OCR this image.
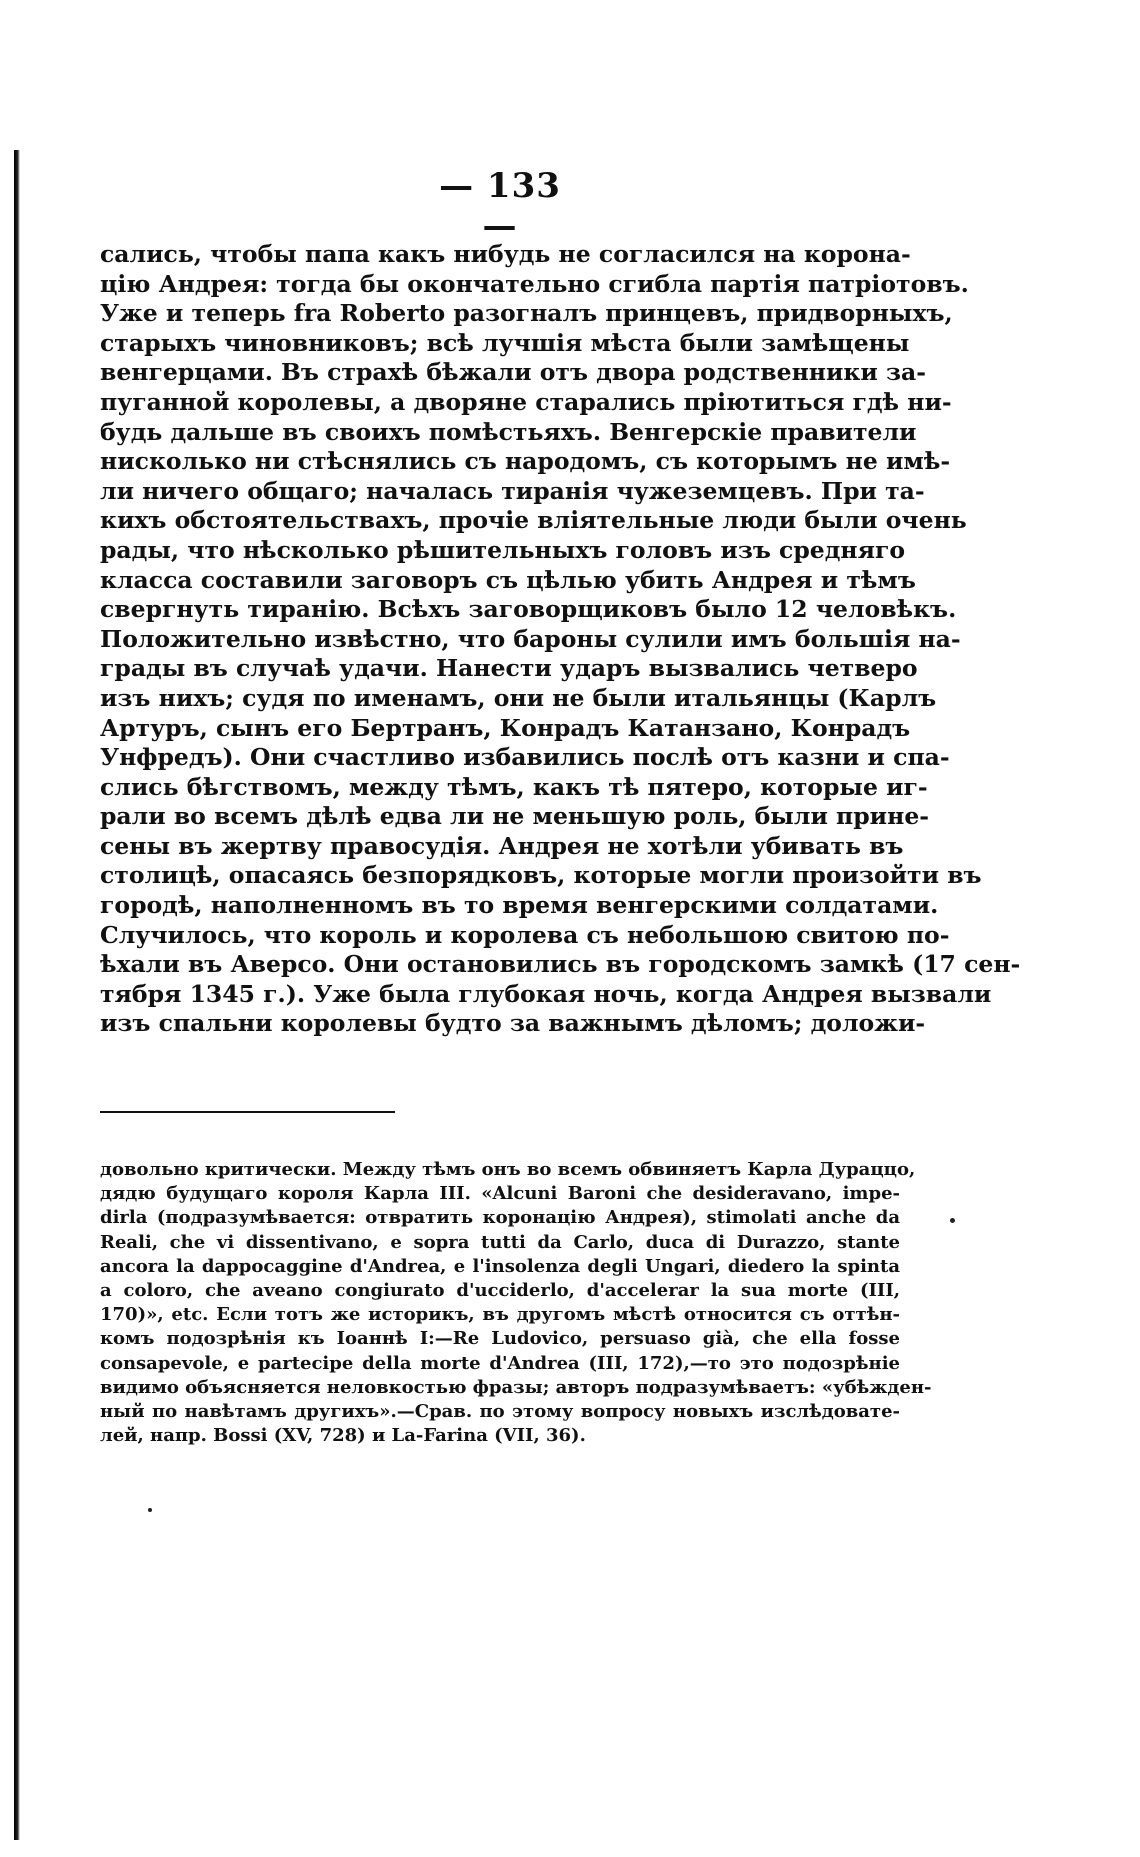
— 133 —
сались, чтобы папа какъ нибудь не согласился на корона-
цію Андрея: тогда бы окончательно сгибла партія патріотовъ.
Уже и теперь fra Roberto разогналъ принцевъ, придворныхъ,
старыхъ чиновниковъ; всѣ лучшія мѣста были замѣщены
венгерцами. Въ страхѣ бѣжали отъ двора родственники за-
пуганной королевы, а дворяне старались пріютиться гдѣ ни-
будь дальше въ своихъ помѣстьяхъ. Венгерскіе правители
нисколько ни стѣснялись съ народомъ, съ которымъ не имѣ-
ли ничего общаго; началась тиранія чужеземцевъ. При та-
кихъ обстоятельствахъ, прочіе вліятельные люди были очень
рады, что нѣсколько рѣшительныхъ головъ изъ средняго
класса составили заговоръ съ цѣлью убить Андрея и тѣмъ
свергнуть тиранію. Всѣхъ заговорщиковъ было 12 человѣкъ.
Положительно извѣстно, что бароны сулили имъ большія на-
грады въ случаѣ удачи. Нанести ударъ вызвались четверо
изъ нихъ; судя по именамъ, они не были итальянцы (Карлъ
Артуръ, сынъ его Бертранъ, Конрадъ Катанзано, Конрадъ
Унфредъ). Они счастливо избавились послѣ отъ казни и спа-
слись бѣгствомъ, между тѣмъ, какъ тѣ пятеро, которые иг-
рали во всемъ дѣлѣ едва ли не меньшую роль, были принe-
сены въ жертву правосудія. Андрея не хотѣли убивать въ
столицѣ, опасаясь безпорядковъ, которые могли произойти въ
городѣ, наполненномъ въ то время венгерскими солдатами.
Случилось, что король и королева съ небольшою свитою по-
ѣхали въ Аверсо. Они остановились въ городскомъ замкѣ (17 сен-
тября 1345 г.). Уже была глубокая ночь, когда Андрея вызвали
изъ спальни королевы будто за важнымъ дѣломъ; доложи-
довольно критически. Между тѣмъ онъ во всемъ обвиняетъ Карла Дураццо,
дядю будущаго короля Карла III. «Alcuni Baroni che desideravano, impe-
dirla (подразумѣвается: отвратить коронацію Андрея), stimolati anche da
Reali, che vi dissentivano, e sopra tutti da Carlo, duca di Durazzo, stante
ancora la dappocaggine d'Andrea, e l'insolenza degli Ungari, diedero la spinta
a coloro, che aveano congiurato d'ucciderlo, d'accelerar la sua morte (III,
170)», etc. Если тотъ же историкъ, въ другомъ мѣстѣ относится съ оттѣн-
комъ подозрѣнія къ Іоаннѣ I:—Re Ludovico, persuaso già, che ella fosse
consapevole, e partecipe della morte d'Andrea (III, 172),—то это подозрѣніе
видимо объясняется неловкостью фразы; авторъ подразумѣваетъ: «убѣжден-
ный по навѣтамъ другихъ».—Срав. по этому вопросу новыхъ изслѣдовате-
лей, напр. Bossi (XV, 728) и La-Farina (VII, 36).
